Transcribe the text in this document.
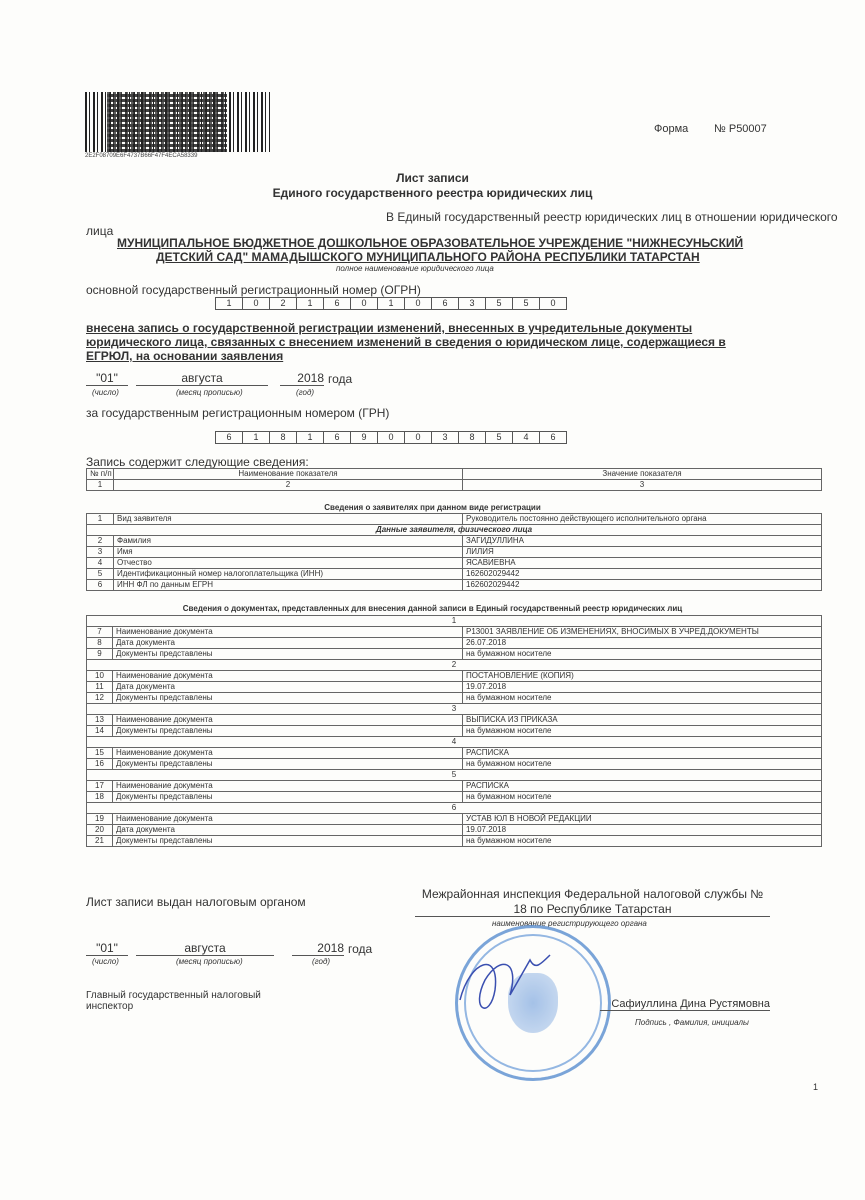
2E2F08709E6F4737B66F47F4ECA58339
Форма № Р50007
Лист записи
Единого государственного реестра юридических лиц
В Единый государственный реестр юридических лиц в отношении юридического
лица
МУНИЦИПАЛЬНОЕ БЮДЖЕТНОЕ ДОШКОЛЬНОЕ ОБРАЗОВАТЕЛЬНОЕ УЧРЕЖДЕНИЕ "НИЖНЕСУНЬСКИЙ
ДЕТСКИЙ САД" МАМАДЫШСКОГО МУНИЦИПАЛЬНОГО РАЙОНА РЕСПУБЛИКИ ТАТАРСТАН
полное наименование юридического лица
основной государственный регистрационный номер (ОГРН)
1	0	2	1	6	0	1	0	6	3	5	5	0
внесена запись о государственной регистрации изменений, внесенных в учредительные документы
юридического лица, связанных с внесением изменений в сведения о юридическом лице, содержащиеся в
ЕГРЮЛ, на основании заявления
"01"	августа	2018 года
(число)	(месяц прописью)	(год)
за государственным регистрационным номером (ГРН)
6	1	8	1	6	9	0	0	3	8	5	4	6
Запись содержит следующие сведения:
№ п/п	Наименование показателя	Значение показателя
1	2	3
Сведения о заявителях при данном виде регистрации
1	Вид заявителя	Руководитель постоянно действующего исполнительного органа
Данные заявителя, физического лица		
2	Фамилия	ЗАГИДУЛЛИНА
3	Имя	ЛИЛИЯ
4	Отчество	ЯСАВИЕВНА
5	Идентификационный номер налогоплательщика (ИНН)	162602029442
6	ИНН ФЛ по данным ЕГРН	162602029442
Сведения о документах, представленных для внесения данной записи в Единый государственный реестр юридических лиц
1		
7	Наименование документа	Р13001 ЗАЯВЛЕНИЕ ОБ ИЗМЕНЕНИЯХ, ВНОСИМЫХ В УЧРЕД.ДОКУМЕНТЫ
8	Дата документа	26.07.2018
9	Документы представлены	на бумажном носителе
2		
10	Наименование документа	ПОСТАНОВЛЕНИЕ (КОПИЯ)
11	Дата документа	19.07.2018
12	Документы представлены	на бумажном носителе
3		
13	Наименование документа	ВЫПИСКА ИЗ ПРИКАЗА
14	Документы представлены	на бумажном носителе
4		
15	Наименование документа	РАСПИСКА
16	Документы представлены	на бумажном носителе
5		
17	Наименование документа	РАСПИСКА
18	Документы представлены	на бумажном носителе
6		
19	Наименование документа	УСТАВ ЮЛ В НОВОЙ РЕДАКЦИИ
20	Дата документа	19.07.2018
21	Документы представлены	на бумажном носителе
Лист записи выдан налоговым органом
Межрайонная инспекция Федеральной налоговой службы №
18 по Республике Татарстан
наименование регистрирующего органа
"01"	августа	2018 года
(число)	(месяц прописью)	(год)
Главный государственный налоговый
инспектор	Сафиуллина Дина Рустямовна
Подпись , Фамилия, инициалы
1
